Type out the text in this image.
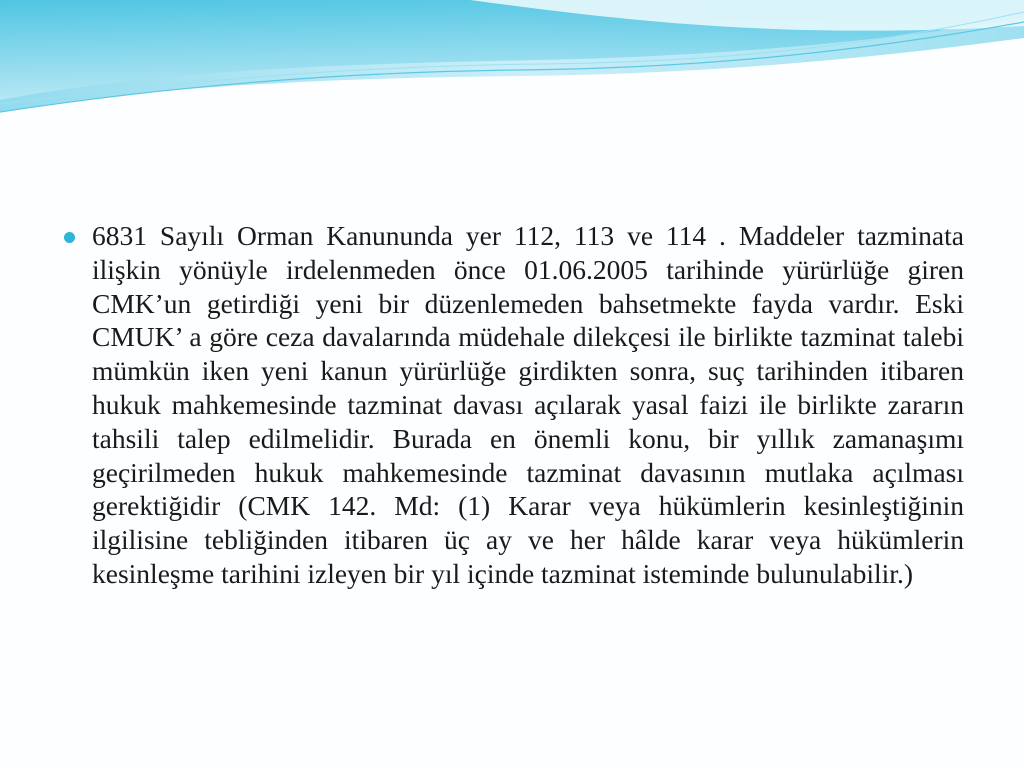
6831 Sayılı Orman Kanununda yer 112, 113 ve 114 . Maddeler tazminata ilişkin yönüyle irdelenmeden önce 01.06.2005 tarihinde yürürlüğe giren CMK’un getirdiği yeni bir düzenlemeden bahsetmekte fayda vardır. Eski CMUK’ a göre ceza davalarında müdehale dilekçesi ile birlikte tazminat talebi mümkün iken yeni kanun yürürlüğe girdikten sonra, suç tarihinden itibaren hukuk mahkemesinde tazminat davası açılarak yasal faizi ile birlikte zararın tahsili talep edilmelidir. Burada en önemli konu, bir yıllık zamanaşımı geçirilmeden hukuk mahkemesinde tazminat davasının mutlaka açılması gerektiğidir (CMK 142. Md: (1) Karar veya hükümlerin kesinleştiğinin ilgilisine tebliğinden itibaren üç ay ve her hâlde karar veya hükümlerin kesinleşme tarihini izleyen bir yıl içinde tazminat isteminde bulunulabilir.)
